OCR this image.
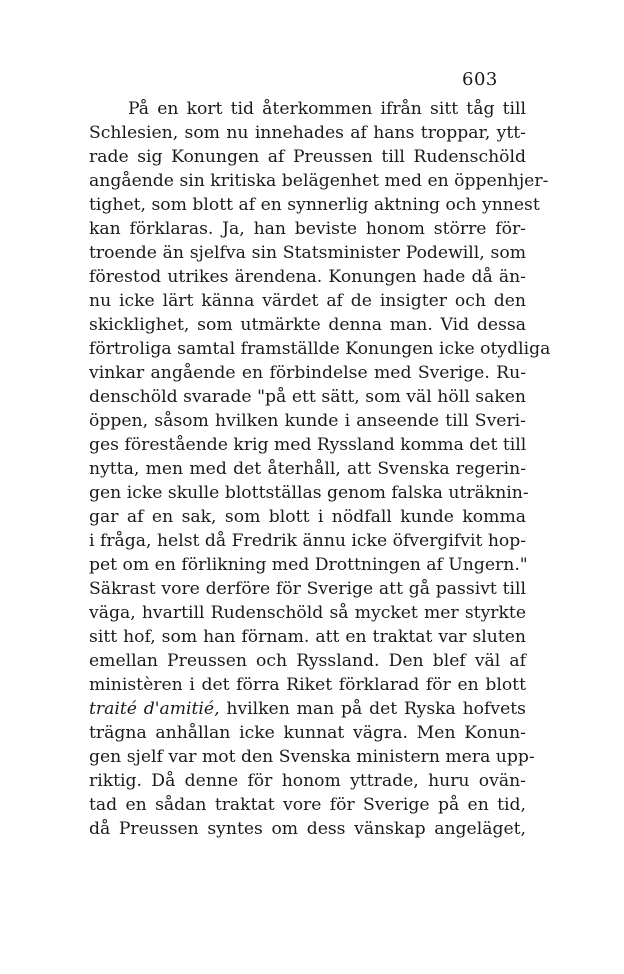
603
På en kort tid återkommen ifrån sitt tåg till
Schlesien, som nu innehades af hans troppar, ytt-
rade sig Konungen af Preussen till Rudenschöld
angående sin kritiska belägenhet med en öppenhjer-
tighet, som blott af en synnerlig aktning och ynnest
kan förklaras. Ja, han beviste honom större för-
troende än sjelfva sin Statsminister Podewill, som
förestod utrikes ärendena. Konungen hade då än-
nu icke lärt känna värdet af de insigter och den
skicklighet, som utmärkte denna man. Vid dessa
förtroliga samtal framställde Konungen icke otydliga
vinkar angående en förbindelse med Sverige. Ru-
denschöld svarade "på ett sätt, som väl höll saken
öppen, såsom hvilken kunde i anseende till Sveri-
ges förestående krig med Ryssland komma det till
nytta, men med det återhåll, att Svenska regerin-
gen icke skulle blottställas genom falska uträknin-
gar af en sak, som blott i nödfall kunde komma
i fråga, helst då Fredrik ännu icke öfvergifvit hop-
pet om en förlikning med Drottningen af Ungern."
Säkrast vore derföre för Sverige att gå passivt till
väga, hvartill Rudenschöld så mycket mer styrkte
sitt hof, som han förnam. att en traktat var sluten
emellan Preussen och Ryssland. Den blef väl af
ministèren i det förra Riket förklarad för en blott
traité d'amitié, hvilken man på det Ryska hofvets
trägna anhållan icke kunnat vägra. Men Konun-
gen sjelf var mot den Svenska ministern mera upp-
riktig. Då denne för honom yttrade, huru ovän-
tad en sådan traktat vore för Sverige på en tid,
då Preussen syntes om dess vänskap angeläget,
